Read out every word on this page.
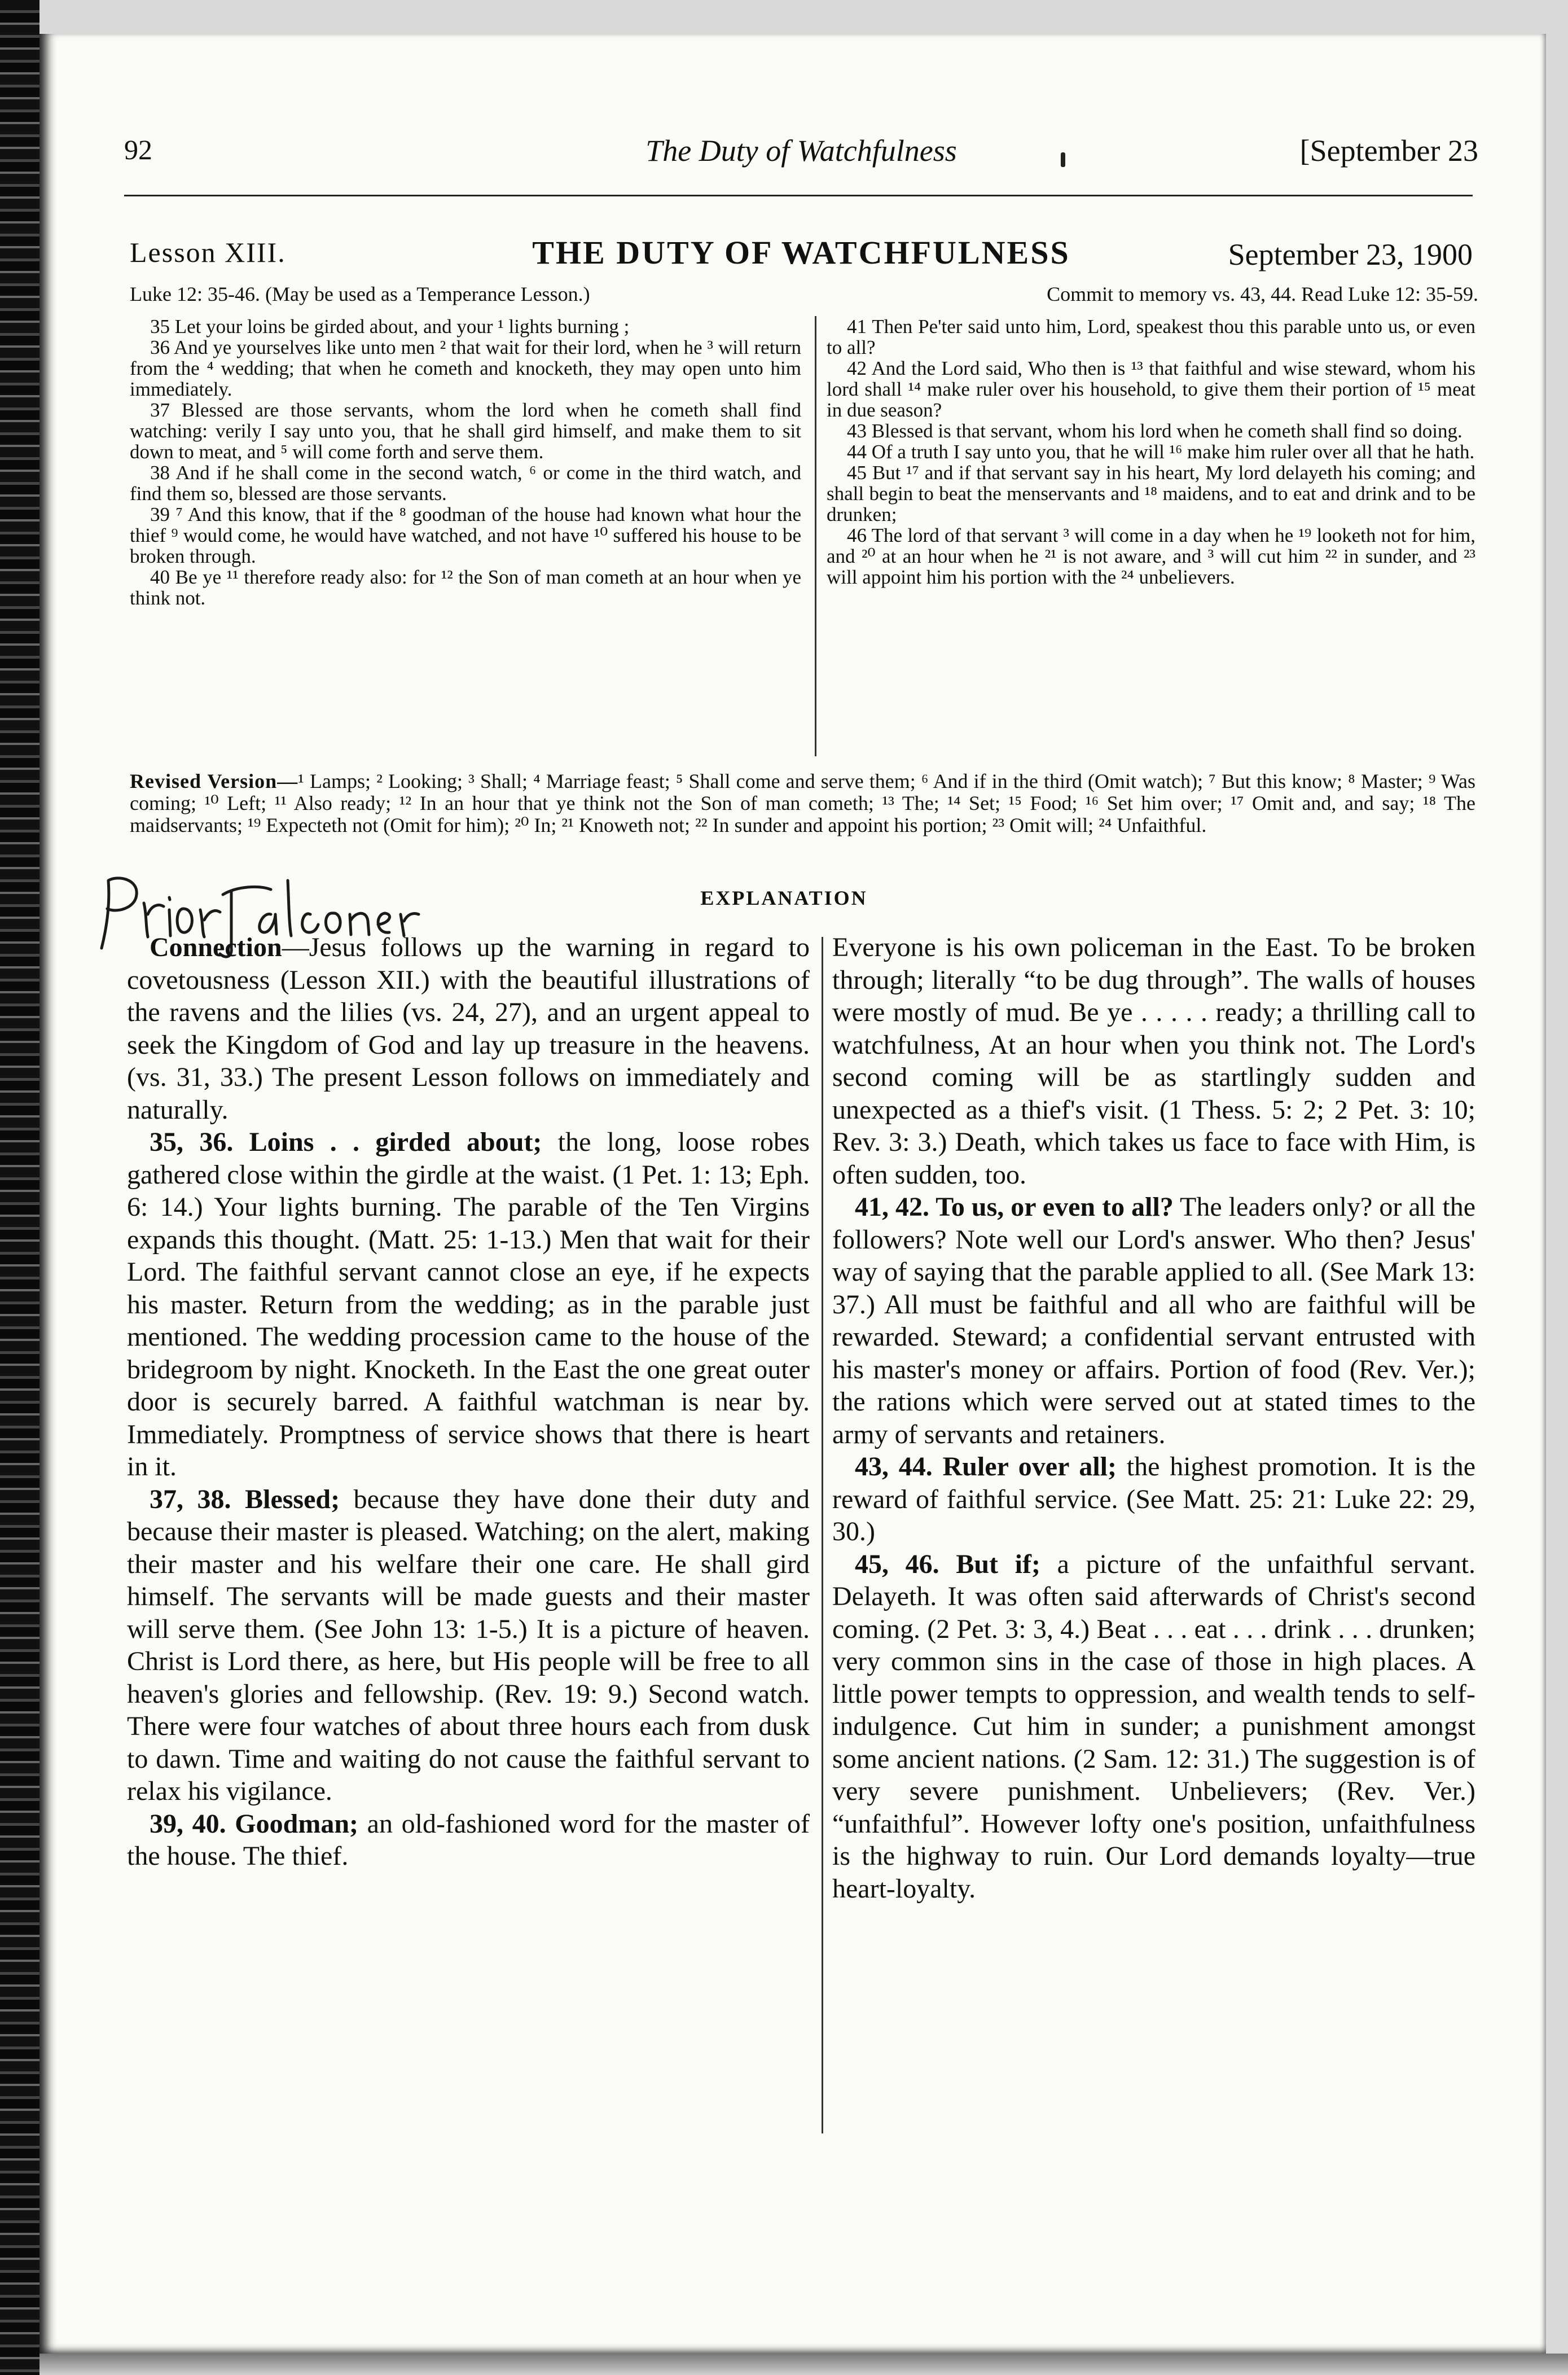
92	The Duty of Watchfulness	[September 23
Lesson XIII.	THE DUTY OF WATCHFULNESS	September 23, 1900
Luke 12: 35-46. (May be used as a Temperance Lesson.)	Commit to memory vs. 43, 44. Read Luke 12: 35-59.

35 Let your loins be girded about, and your ¹ lights burning ;

36 And ye yourselves like unto men ² that wait for their lord, when he ³ will return from the ⁴ wedding; that when he cometh and knocketh, they may open unto him immediately.

37 Blessed are those servants, whom the lord when he cometh shall find watching: verily I say unto you, that he shall gird himself, and make them to sit down to meat, and ⁵ will come forth and serve them.

38 And if he shall come in the second watch, ⁶ or come in the third watch, and find them so, blessed are those servants.

39 ⁷ And this know, that if the ⁸ goodman of the house had known what hour the thief ⁹ would come, he would have watched, and not have ¹⁰ suffered his house to be broken through.

40 Be ye ¹¹ therefore ready also: for ¹² the Son of man cometh at an hour when ye think not.

41 Then Pe'ter said unto him, Lord, speakest thou this parable unto us, or even to all?

42 And the Lord said, Who then is ¹³ that faithful and wise steward, whom his lord shall ¹⁴ make ruler over his household, to give them their portion of ¹⁵ meat in due season?

43 Blessed is that servant, whom his lord when he cometh shall find so doing.

44 Of a truth I say unto you, that he will ¹⁶ make him ruler over all that he hath.

45 But ¹⁷ and if that servant say in his heart, My lord delayeth his coming; and shall begin to beat the menservants and ¹⁸ maidens, and to eat and drink and to be drunken;

46 The lord of that servant ³ will come in a day when he ¹⁹ looketh not for him, and ²⁰ at an hour when he ²¹ is not aware, and ³ will cut him ²² in sunder, and ²³ will appoint him his portion with the ²⁴ unbelievers.

Revised Version—¹ Lamps; ² Looking; ³ Shall; ⁴ Marriage feast; ⁵ Shall come and serve them; ⁶ And if in the third (Omit watch); ⁷ But this know; ⁸ Master; ⁹ Was coming; ¹⁰ Left; ¹¹ Also ready; ¹² In an hour that ye think not the Son of man cometh; ¹³ The; ¹⁴ Set; ¹⁵ Food; ¹⁶ Set him over; ¹⁷ Omit and, and say; ¹⁸ The maidservants; ¹⁹ Expecteth not (Omit for him); ²⁰ In; ²¹ Knoweth not; ²² In sunder and appoint his portion; ²³ Omit will; ²⁴ Unfaithful.
EXPLANATION

Connection—Jesus follows up the warning in regard to covetousness (Lesson XII.) with the beautiful illustrations of the ravens and the lilies (vs. 24, 27), and an urgent appeal to seek the Kingdom of God and lay up treasure in the heavens. (vs. 31, 33.) The present Lesson follows on immediately and naturally.

35, 36. Loins . . girded about; the long, loose robes gathered close within the girdle at the waist. (1 Pet. 1: 13; Eph. 6: 14.) Your lights burning. The parable of the Ten Virgins expands this thought. (Matt. 25: 1-13.) Men that wait for their Lord. The faithful servant cannot close an eye, if he expects his master. Return from the wedding; as in the parable just mentioned. The wedding procession came to the house of the bridegroom by night. Knocketh. In the East the one great outer door is securely barred. A faithful watchman is near by. Immediately. Promptness of service shows that there is heart in it.

37, 38. Blessed; because they have done their duty and because their master is pleased. Watching; on the alert, making their master and his welfare their one care. He shall gird himself. The servants will be made guests and their master will serve them. (See John 13: 1-5.) It is a picture of heaven. Christ is Lord there, as here, but His people will be free to all heaven's glories and fellowship. (Rev. 19: 9.) Second watch. There were four watches of about three hours each from dusk to dawn. Time and waiting do not cause the faithful servant to relax his vigilance.

39, 40. Goodman; an old-fashioned word for the master of the house. The thief.

Everyone is his own policeman in the East. To be broken through; literally “to be dug through”. The walls of houses were mostly of mud. Be ye . . . . . ready; a thrilling call to watchfulness, At an hour when you think not. The Lord's second coming will be as startlingly sudden and unexpected as a thief's visit. (1 Thess. 5: 2; 2 Pet. 3: 10; Rev. 3: 3.) Death, which takes us face to face with Him, is often sudden, too.

41, 42. To us, or even to all? The leaders only? or all the followers? Note well our Lord's answer. Who then? Jesus' way of saying that the parable applied to all. (See Mark 13: 37.) All must be faithful and all who are faithful will be rewarded. Steward; a confidential servant entrusted with his master's money or affairs. Portion of food (Rev. Ver.); the rations which were served out at stated times to the army of servants and retainers.

43, 44. Ruler over all; the highest promotion. It is the reward of faithful service. (See Matt. 25: 21: Luke 22: 29, 30.)

45, 46. But if; a picture of the unfaithful servant. Delayeth. It was often said afterwards of Christ's second coming. (2 Pet. 3: 3, 4.) Beat . . . eat . . . drink . . . drunken; very common sins in the case of those in high places. A little power tempts to oppression, and wealth tends to self-indulgence. Cut him in sunder; a punishment amongst some ancient nations. (2 Sam. 12: 31.) The suggestion is of very severe punishment. Unbelievers; (Rev. Ver.) “unfaithful”. However lofty one's position, unfaithfulness is the highway to ruin. Our Lord demands loyalty—true heart-loyalty.
